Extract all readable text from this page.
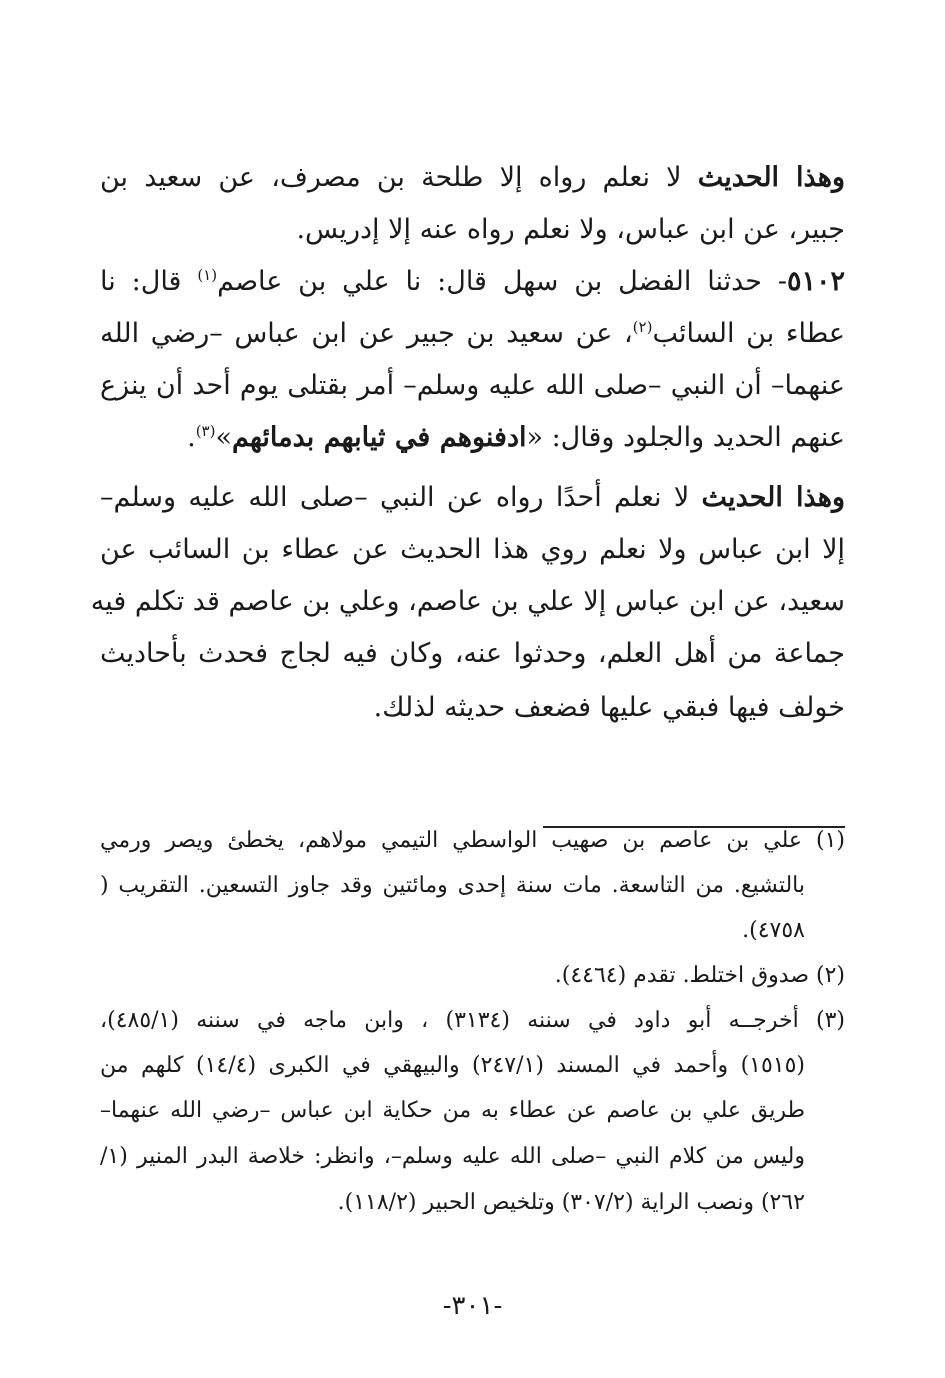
وهذا الحديث لا نعلم رواه إلا طلحة بن مصرف، عن سعيد بن
جبير، عن ابن عباس، ولا نعلم رواه عنه إلا إدريس.
٥١٠٢- حدثنا الفضل بن سهل قال: نا علي بن عاصم$^{(١)}$ قال: نا
عطاء بن السائب$^{(٢)}$، عن سعيد بن جبير عن ابن عباس –رضي الله
عنهما– أن النبي –صلى الله عليه وسلم– أمر بقتلى يوم أحد أن ينزع
عنهم الحديد والجلود وقال: «ادفنوهم في ثيابهم بدمائهم»$^{(٣)}$.
وهذا الحديث لا نعلم أحدًا رواه عن النبي –صلى الله عليه وسلم–
إلا ابن عباس ولا نعلم روي هذا الحديث عن عطاء بن السائب عن
سعيد، عن ابن عباس إلا علي بن عاصم، وعلي بن عاصم قد تكلم فيه
جماعة من أهل العلم، وحدثوا عنه، وكان فيه لجاج فحدث بأحاديث
خولف فيها فبقي عليها فضعف حديثه لذلك.
(١) علي بن عاصم بن صهيب الواسطي التيمي مولاهم، يخطئ ويصر ورمي
بالتشيع. من التاسعة. مات سنة إحدى ومائتين وقد جاوز التسعين. التقريب (
٤٧٥٨).
(٢) صدوق اختلط. تقدم (٤٤٦٤).
(٣) أخرجــه أبو داود في سننه (٣١٣٤) ، وابن ماجه في سننه (٤٨٥/١)،
(١٥١٥) وأحمد في المسند (٢٤٧/١) والبيهقي في الكبرى (١٤/٤) كلهم من
طريق علي بن عاصم عن عطاء به من حكاية ابن عباس –رضي الله عنهما–
وليس من كلام النبي –صلى الله عليه وسلم–، وانظر: خلاصة البدر المنير (١/
٢٦٢) ونصب الراية (٣٠٧/٢) وتلخيص الحبير (١١٨/٢).
-٣٠١-
